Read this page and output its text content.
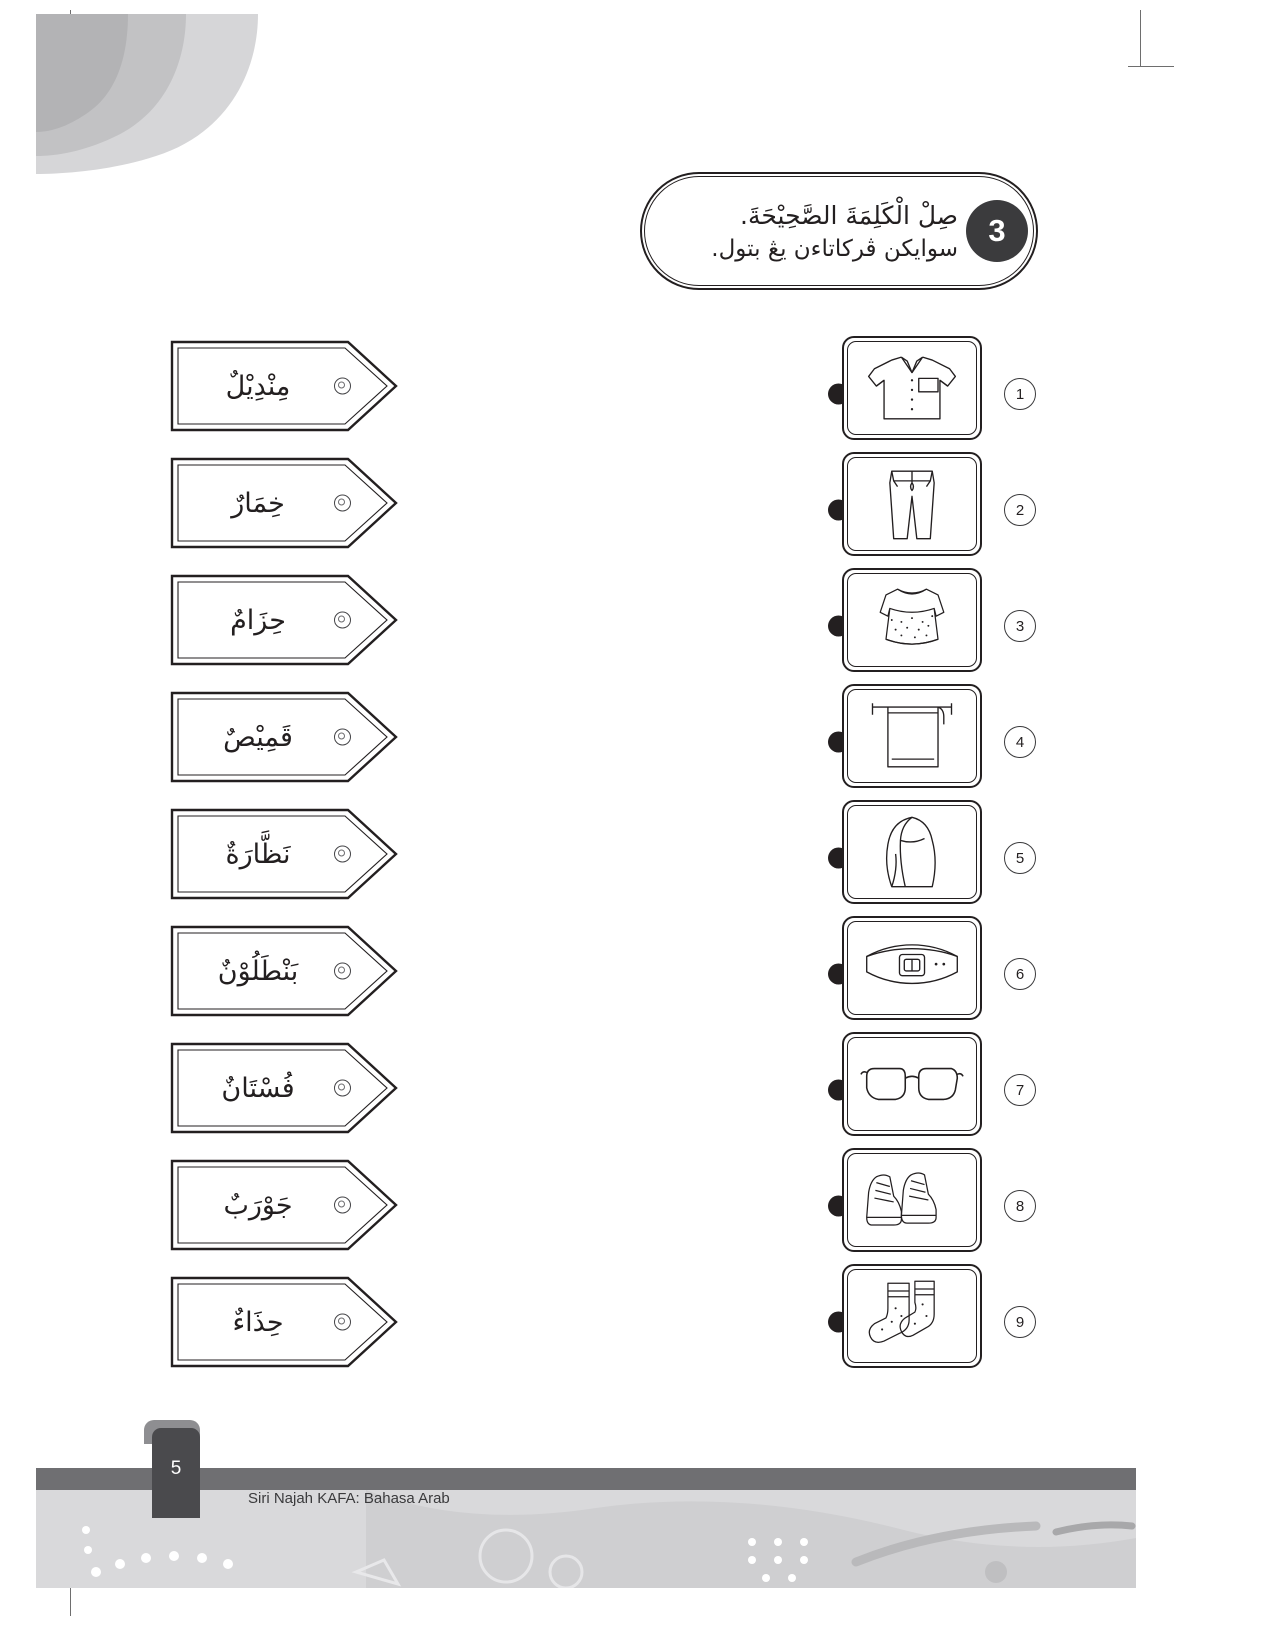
صِلْ الْكَلِمَةَ الصَّحِيْحَةَ.
سوايكن ڤركاتاءن يڠ بتول.
3
مِنْدِيْلٌ
خِمَارٌ
حِزَامٌ
قَمِيْصٌ
نَظَّارَةٌ
بَنْطَلُوْنٌ
فُسْتَانٌ
جَوْرَبٌ
حِذَاءٌ
1
2
3
4
5
6
7
8
9
5
Siri Najah KAFA: Bahasa Arab
